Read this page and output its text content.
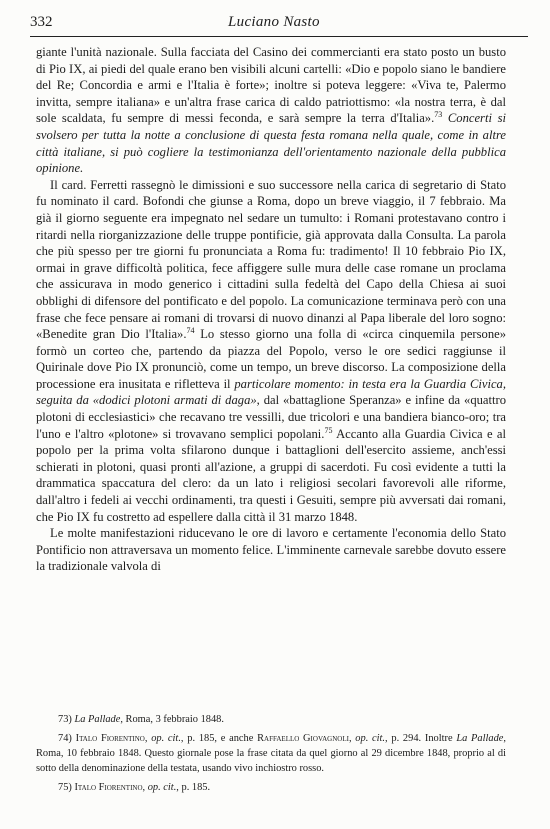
332	Luciano Nasto

giante l'unità nazionale. Sulla facciata del Casino dei commercianti era stato posto un busto di Pio IX, ai piedi del quale erano ben visibili alcuni cartelli: «Dio e popolo siano le bandiere del Re; Concordia e armi e l'Italia è forte»; inoltre si poteva leggere: «Viva te, Palermo invitta, sempre italiana» e un'altra frase carica di caldo patriottismo: «la nostra terra, è dal sole scaldata, fu sempre di messi feconda, e sarà sempre la terra d'Italia».$^{73}$ Concerti si svolsero per tutta la notte a conclusione di questa festa romana nella quale, come in altre città italiane, si può cogliere la testimonianza dell'orientamento nazionale della pubblica opinione.

Il card. Ferretti rassegnò le dimissioni e suo successore nella carica di segretario di Stato fu nominato il card. Bofondi che giunse a Roma, dopo un breve viaggio, il 7 febbraio. Ma già il giorno seguente era impegnato nel sedare un tumulto: i Romani protestavano contro i ritardi nella riorganizzazione delle truppe pontificie, già approvata dalla Consulta. La parola che più spesso per tre giorni fu pronunciata a Roma fu: tradimento! Il 10 febbraio Pio IX, ormai in grave difficoltà politica, fece affiggere sulle mura delle case romane un proclama che assicurava in modo generico i cittadini sulla fedeltà del Capo della Chiesa ai suoi obblighi di difensore del pontificato e del popolo. La comunicazione terminava però con una frase che fece pensare ai romani di trovarsi di nuovo dinanzi al Papa liberale del loro sogno: «Benedite gran Dio l'Italia».$^{74}$ Lo stesso giorno una folla di «circa cinquemila persone» formò un corteo che, partendo da piazza del Popolo, verso le ore sedici raggiunse il Quirinale dove Pio IX pronunciò, come un tempo, un breve discorso. La composizione della processione era inusitata e rifletteva il particolare momento: in testa era la Guardia Civica, seguita da «dodici plotoni armati di daga», dal «battaglione Speranza» e infine da «quattro plotoni di ecclesiastici» che recavano tre vessilli, due tricolori e una bandiera bianco-oro; tra l'uno e l'altro «plotone» si trovavano semplici popolani.$^{75}$ Accanto alla Guardia Civica e al popolo per la prima volta sfilarono dunque i battaglioni dell'esercito assieme, anch'essi schierati in plotoni, quasi pronti all'azione, a gruppi di sacerdoti. Fu così evidente a tutti la drammatica spaccatura del clero: da un lato i religiosi secolari favorevoli alle riforme, dall'altro i fedeli ai vecchi ordinamenti, tra questi i Gesuiti, sempre più avversati dai romani, che Pio IX fu costretto ad espellere dalla città il 31 marzo 1848.

Le molte manifestazioni riducevano le ore di lavoro e certamente l'economia dello Stato Pontificio non attraversava un momento felice. L'imminente carnevale sarebbe dovuto essere la tradizionale valvola di

73) La Pallade, Roma, 3 febbraio 1848.

74) Italo Fiorentino, op. cit., p. 185, e anche Raffaello Giovagnoli, op. cit., p. 294. Inoltre La Pallade, Roma, 10 febbraio 1848. Questo giornale pose la frase citata da quel giorno al 29 dicembre 1848, proprio al di sotto della denominazione della testata, usando vivo inchiostro rosso.

75) Italo Fiorentino, op. cit., p. 185.
